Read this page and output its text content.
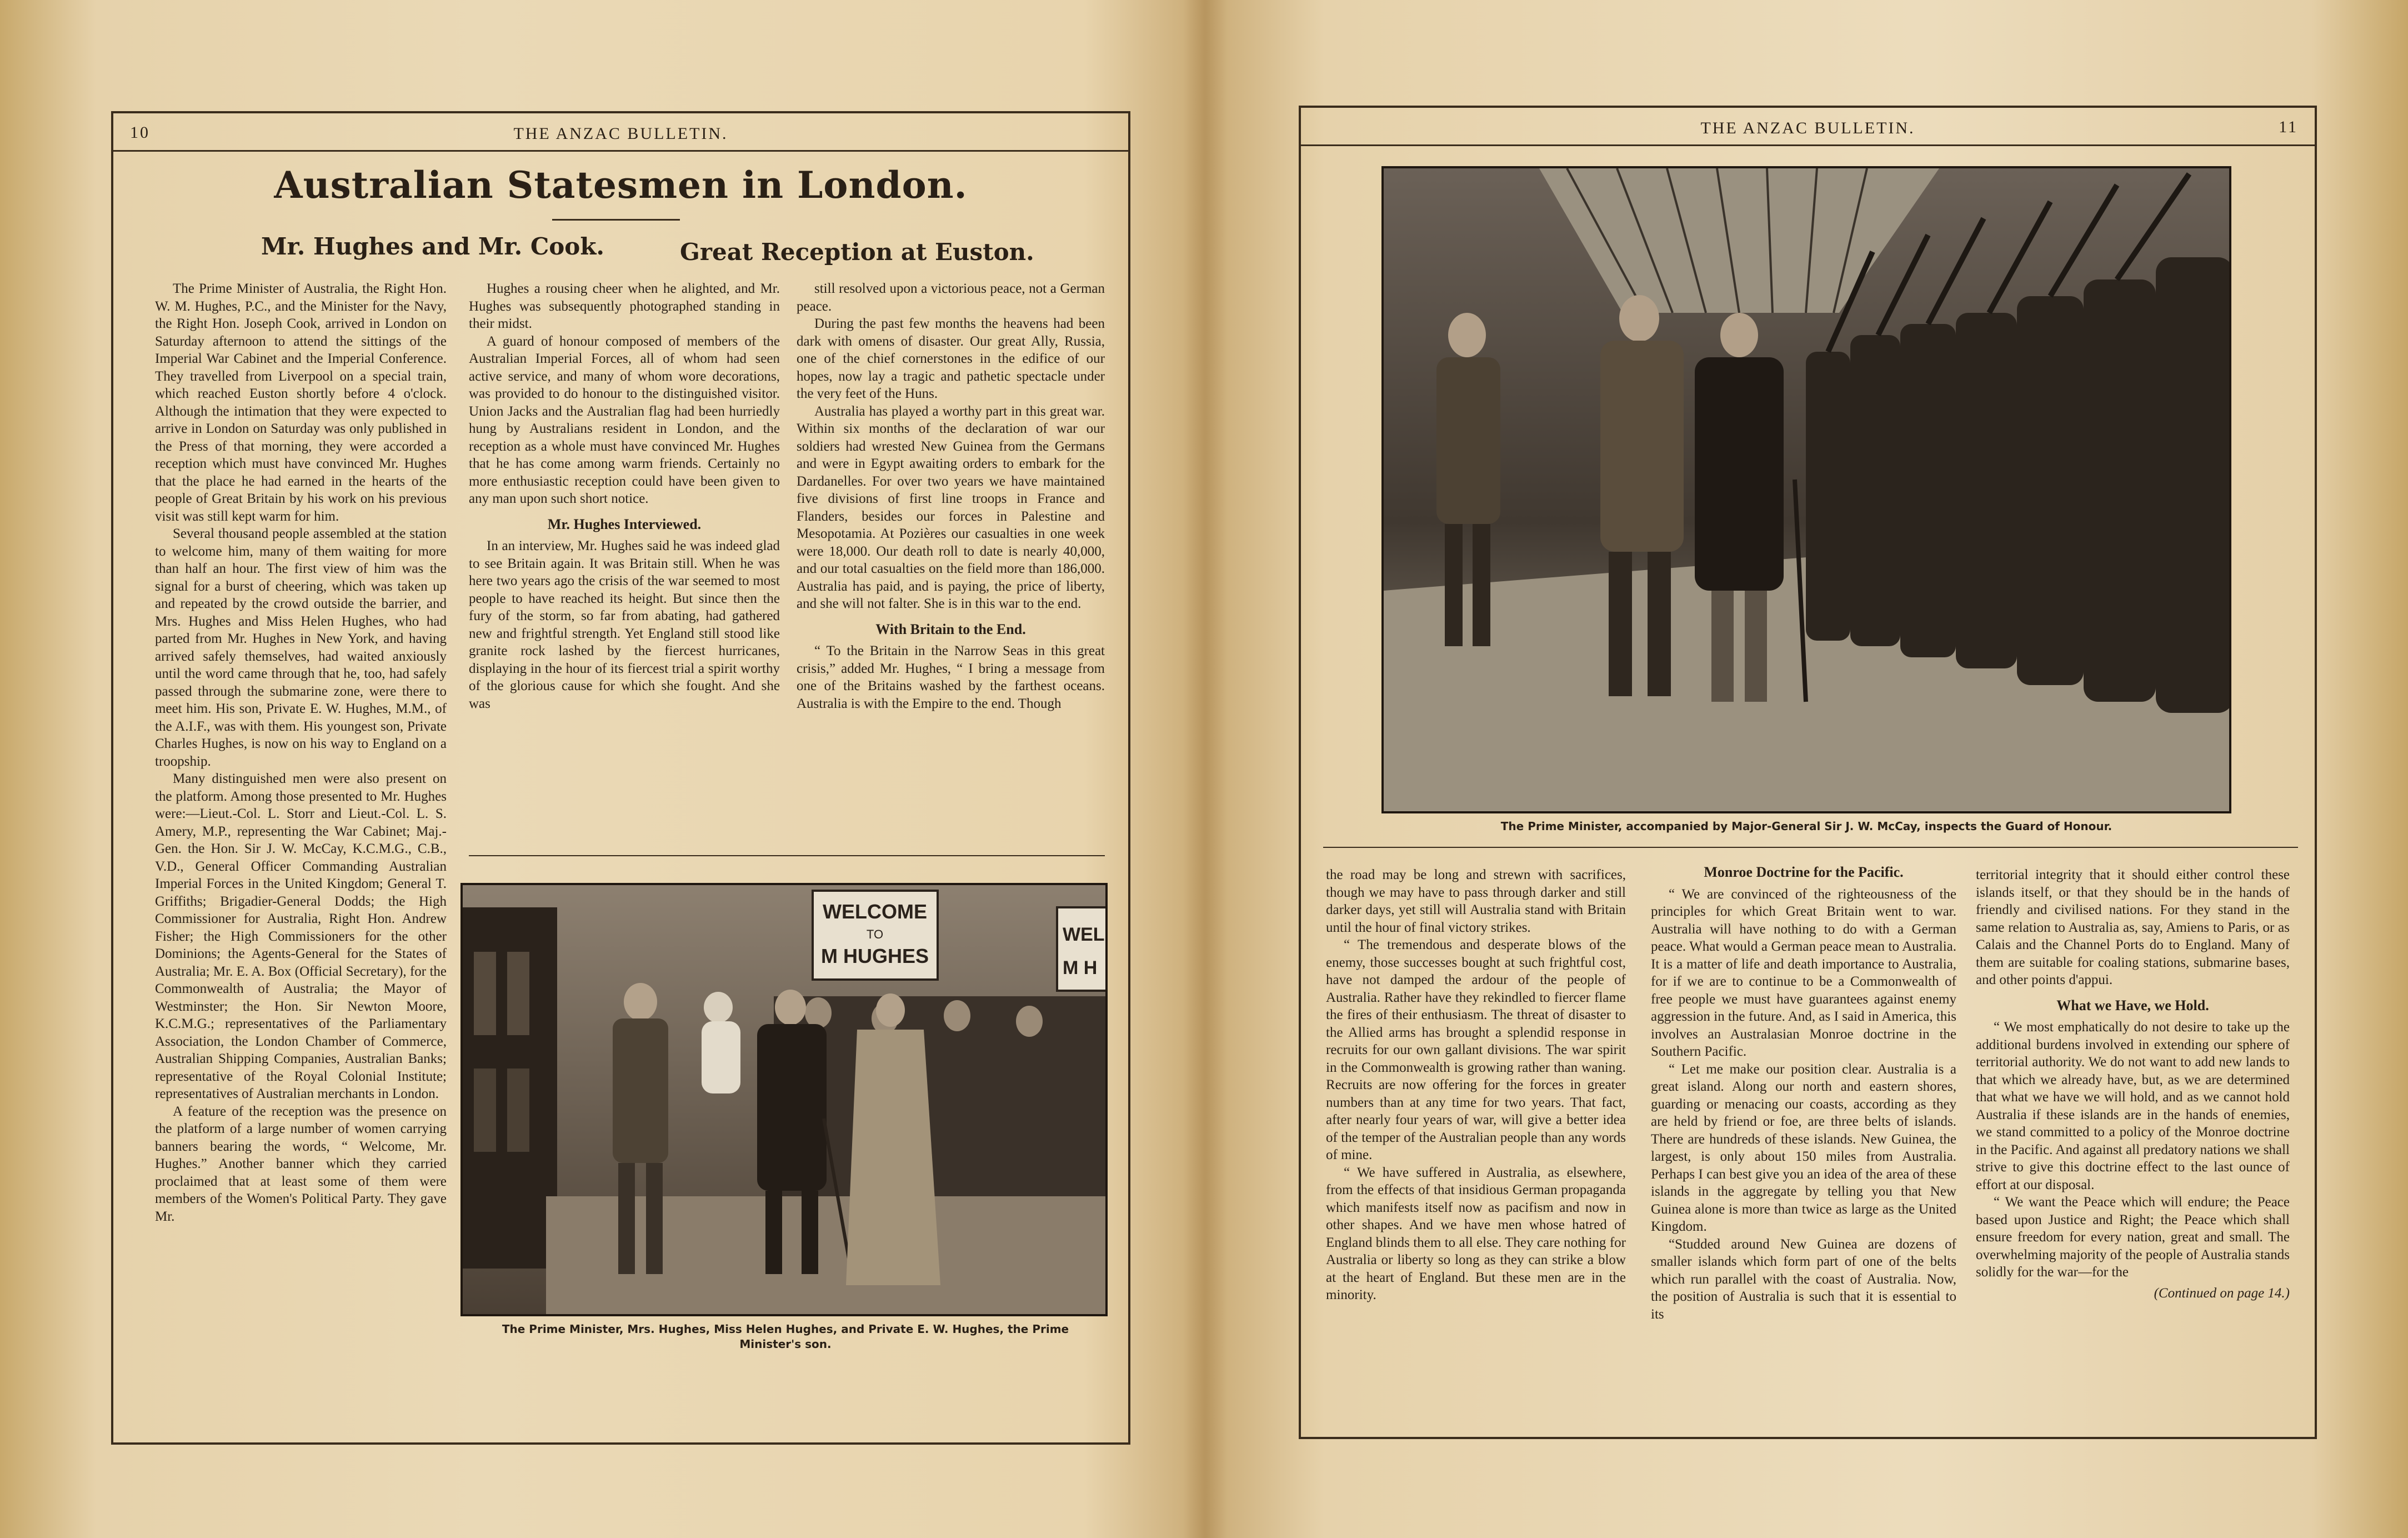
10	THE ANZAC BULLETIN.
Australian Statesmen in London.
Mr. Hughes and Mr. Cook.	Great Reception at Euston.

The Prime Minister of Australia, the Right Hon. W. M. Hughes, P.C., and the Minister for the Navy, the Right Hon. Joseph Cook, arrived in London on Saturday afternoon to attend the sittings of the Imperial War Cabinet and the Imperial Conference. They travelled from Liverpool on a special train, which reached Euston shortly before 4 o'clock. Although the intimation that they were expected to arrive in London on Saturday was only published in the Press of that morning, they were accorded a reception which must have convinced Mr. Hughes that the place he had earned in the hearts of the people of Great Britain by his work on his previous visit was still kept warm for him.

Several thousand people assembled at the station to welcome him, many of them waiting for more than half an hour. The first view of him was the signal for a burst of cheering, which was taken up and repeated by the crowd outside the barrier, and Mrs. Hughes and Miss Helen Hughes, who had parted from Mr. Hughes in New York, and having arrived safely themselves, had waited anxiously until the word came through that he, too, had safely passed through the submarine zone, were there to meet him. His son, Private E. W. Hughes, M.M., of the A.I.F., was with them. His youngest son, Private Charles Hughes, is now on his way to England on a troopship.

Many distinguished men were also present on the platform. Among those presented to Mr. Hughes were:—Lieut.-Col. L. Storr and Lieut.-Col. L. S. Amery, M.P., representing the War Cabinet; Maj.-Gen. the Hon. Sir J. W. McCay, K.C.M.G., C.B., V.D., General Officer Commanding Australian Imperial Forces in the United Kingdom; General T. Griffiths; Brigadier-General Dodds; the High Commissioner for Australia, Right Hon. Andrew Fisher; the High Commissioners for the other Dominions; the Agents-General for the States of Australia; Mr. E. A. Box (Official Secretary), for the Commonwealth of Australia; the Mayor of Westminster; the Hon. Sir Newton Moore, K.C.M.G.; representatives of the Parliamentary Association, the London Chamber of Commerce, Australian Shipping Companies, Australian Banks; representative of the Royal Colonial Institute; representatives of Australian merchants in London.

A feature of the reception was the presence on the platform of a large number of women carrying banners bearing the words, “ Welcome, Mr. Hughes.” Another banner which they carried proclaimed that at least some of them were members of the Women's Political Party. They gave Mr.

Hughes a rousing cheer when he alighted, and Mr. Hughes was subsequently photographed standing in their midst.

A guard of honour composed of members of the Australian Imperial Forces, all of whom had seen active service, and many of whom wore decorations, was provided to do honour to the distinguished visitor. Union Jacks and the Australian flag had been hurriedly hung by Australians resident in London, and the reception as a whole must have convinced Mr. Hughes that he has come among warm friends. Certainly no more enthusiastic reception could have been given to any man upon such short notice.

Mr. Hughes Interviewed.

In an interview, Mr. Hughes said he was indeed glad to see Britain again. It was Britain still. When he was here two years ago the crisis of the war seemed to most people to have reached its height. But since then the fury of the storm, so far from abating, had gathered new and frightful strength. Yet England still stood like granite rock lashed by the fiercest hurricanes, displaying in the hour of its fiercest trial a spirit worthy of the glorious cause for which she fought. And she was

still resolved upon a victorious peace, not a German peace.

During the past few months the heavens had been dark with omens of disaster. Our great Ally, Russia, one of the chief cornerstones in the edifice of our hopes, now lay a tragic and pathetic spectacle under the very feet of the Huns.

Australia has played a worthy part in this great war. Within six months of the declaration of war our soldiers had wrested New Guinea from the Germans and were in Egypt awaiting orders to embark for the Dardanelles. For over two years we have maintained five divisions of first line troops in France and Flanders, besides our forces in Palestine and Mesopotamia. At Pozières our casualties in one week were 18,000. Our death roll to date is nearly 40,000, and our total casualties on the field more than 186,000. Australia has paid, and is paying, the price of liberty, and she will not falter. She is in this war to the end.

With Britain to the End.

“ To the Britain in the Narrow Seas in this great crisis,” added Mr. Hughes, “ I bring a message from one of the Britains washed by the farthest oceans. Australia is with the Empire to the end. Though

WELCOME
TO
M HUGHES
WEL
M H
The Prime Minister, Mrs. Hughes, Miss Helen Hughes, and Private E. W. Hughes, the Prime Minister's son.
THE ANZAC BULLETIN.	11
The Prime Minister, accompanied by Major-General Sir J. W. McCay, inspects the Guard of Honour.

the road may be long and strewn with sacrifices, though we may have to pass through darker and still darker days, yet still will Australia stand with Britain until the hour of final victory strikes.

“ The tremendous and desperate blows of the enemy, those successes bought at such frightful cost, have not damped the ardour of the people of Australia. Rather have they rekindled to fiercer flame the fires of their enthusiasm. The threat of disaster to the Allied arms has brought a splendid response in recruits for our own gallant divisions. The war spirit in the Commonwealth is growing rather than waning. Recruits are now offering for the forces in greater numbers than at any time for two years. That fact, after nearly four years of war, will give a better idea of the temper of the Australian people than any words of mine.

“ We have suffered in Australia, as elsewhere, from the effects of that insidious German propaganda which manifests itself now as pacifism and now in other shapes. And we have men whose hatred of England blinds them to all else. They care nothing for Australia or liberty so long as they can strike a blow at the heart of England. But these men are in the minority.

Monroe Doctrine for the Pacific.

“ We are convinced of the righteousness of the principles for which Great Britain went to war. Australia will have nothing to do with a German peace. What would a German peace mean to Australia. It is a matter of life and death importance to Australia, for if we are to continue to be a Commonwealth of free people we must have guarantees against enemy aggression in the future. And, as I said in America, this involves an Australasian Monroe doctrine in the Southern Pacific.

“ Let me make our position clear. Australia is a great island. Along our north and eastern shores, guarding or menacing our coasts, according as they are held by friend or foe, are three belts of islands. There are hundreds of these islands. New Guinea, the largest, is only about 150 miles from Australia. Perhaps I can best give you an idea of the area of these islands in the aggregate by telling you that New Guinea alone is more than twice as large as the United Kingdom.

“Studded around New Guinea are dozens of smaller islands which form part of one of the belts which run parallel with the coast of Australia. Now, the position of Australia is such that it is essential to its

territorial integrity that it should either control these islands itself, or that they should be in the hands of friendly and civilised nations. For they stand in the same relation to Australia as, say, Amiens to Paris, or as Calais and the Channel Ports do to England. Many of them are suitable for coaling stations, submarine bases, and other points d'appui.

What we Have, we Hold.

“ We most emphatically do not desire to take up the additional burdens involved in extending our sphere of territorial authority. We do not want to add new lands to that which we already have, but, as we are determined that what we have we will hold, and as we cannot hold Australia if these islands are in the hands of enemies, we stand committed to a policy of the Monroe doctrine in the Pacific. And against all predatory nations we shall strive to give this doctrine effect to the last ounce of effort at our disposal.

“ We want the Peace which will endure; the Peace based upon Justice and Right; the Peace which shall ensure freedom for every nation, great and small. The overwhelming majority of the people of Australia stands solidly for the war—for the

(Continued on page 14.)
